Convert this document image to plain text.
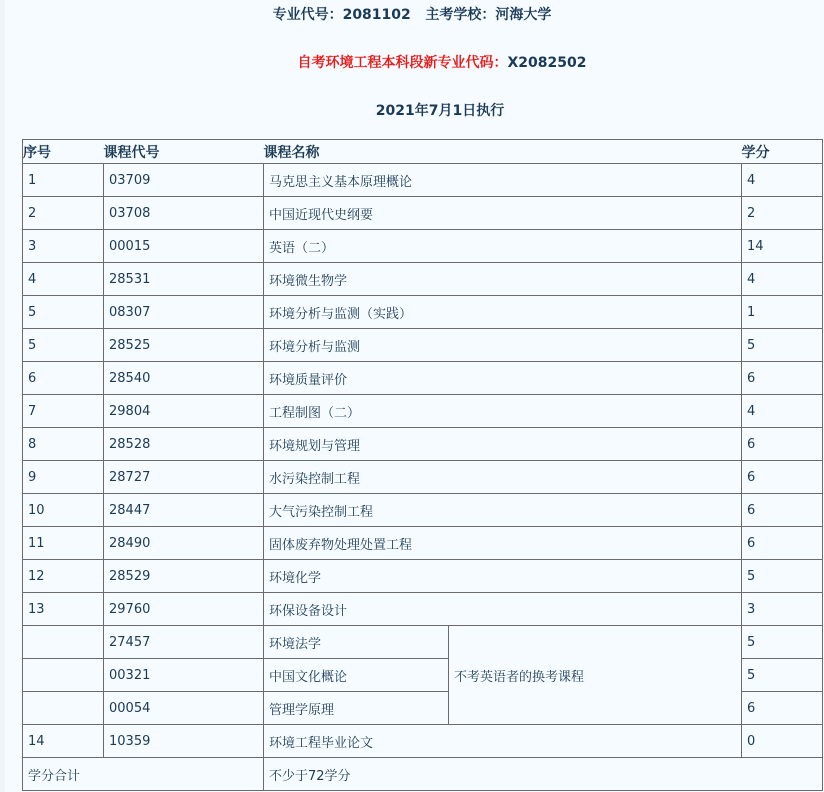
专业代号：2081102 主考学校：河海大学
自考环境工程本科段新专业代码：X2082502
2021年7月1日执行
序号	课程代号	课程名称		学分
1	03709	马克思主义基本原理概论		4
2	03708	中国近现代史纲要		2
3	00015	英语（二）		14
4	28531	环境微生物学		4
5	08307	环境分析与监测（实践）		1
5	28525	环境分析与监测		5
6	28540	环境质量评价		6
7	29804	工程制图（二）		4
8	28528	环境规划与管理		6
9	28727	水污染控制工程		6
10	28447	大气污染控制工程		6
11	28490	固体废弃物处理处置工程		6
12	28529	环境化学		5
13	29760	环保设备设计		3
	27457	环境法学	不考英语者的换考课程	5
	00321	中国文化概论		5
	00054	管理学原理		6
14	10359	环境工程毕业论文		0
学分合计		不少于72学分		
